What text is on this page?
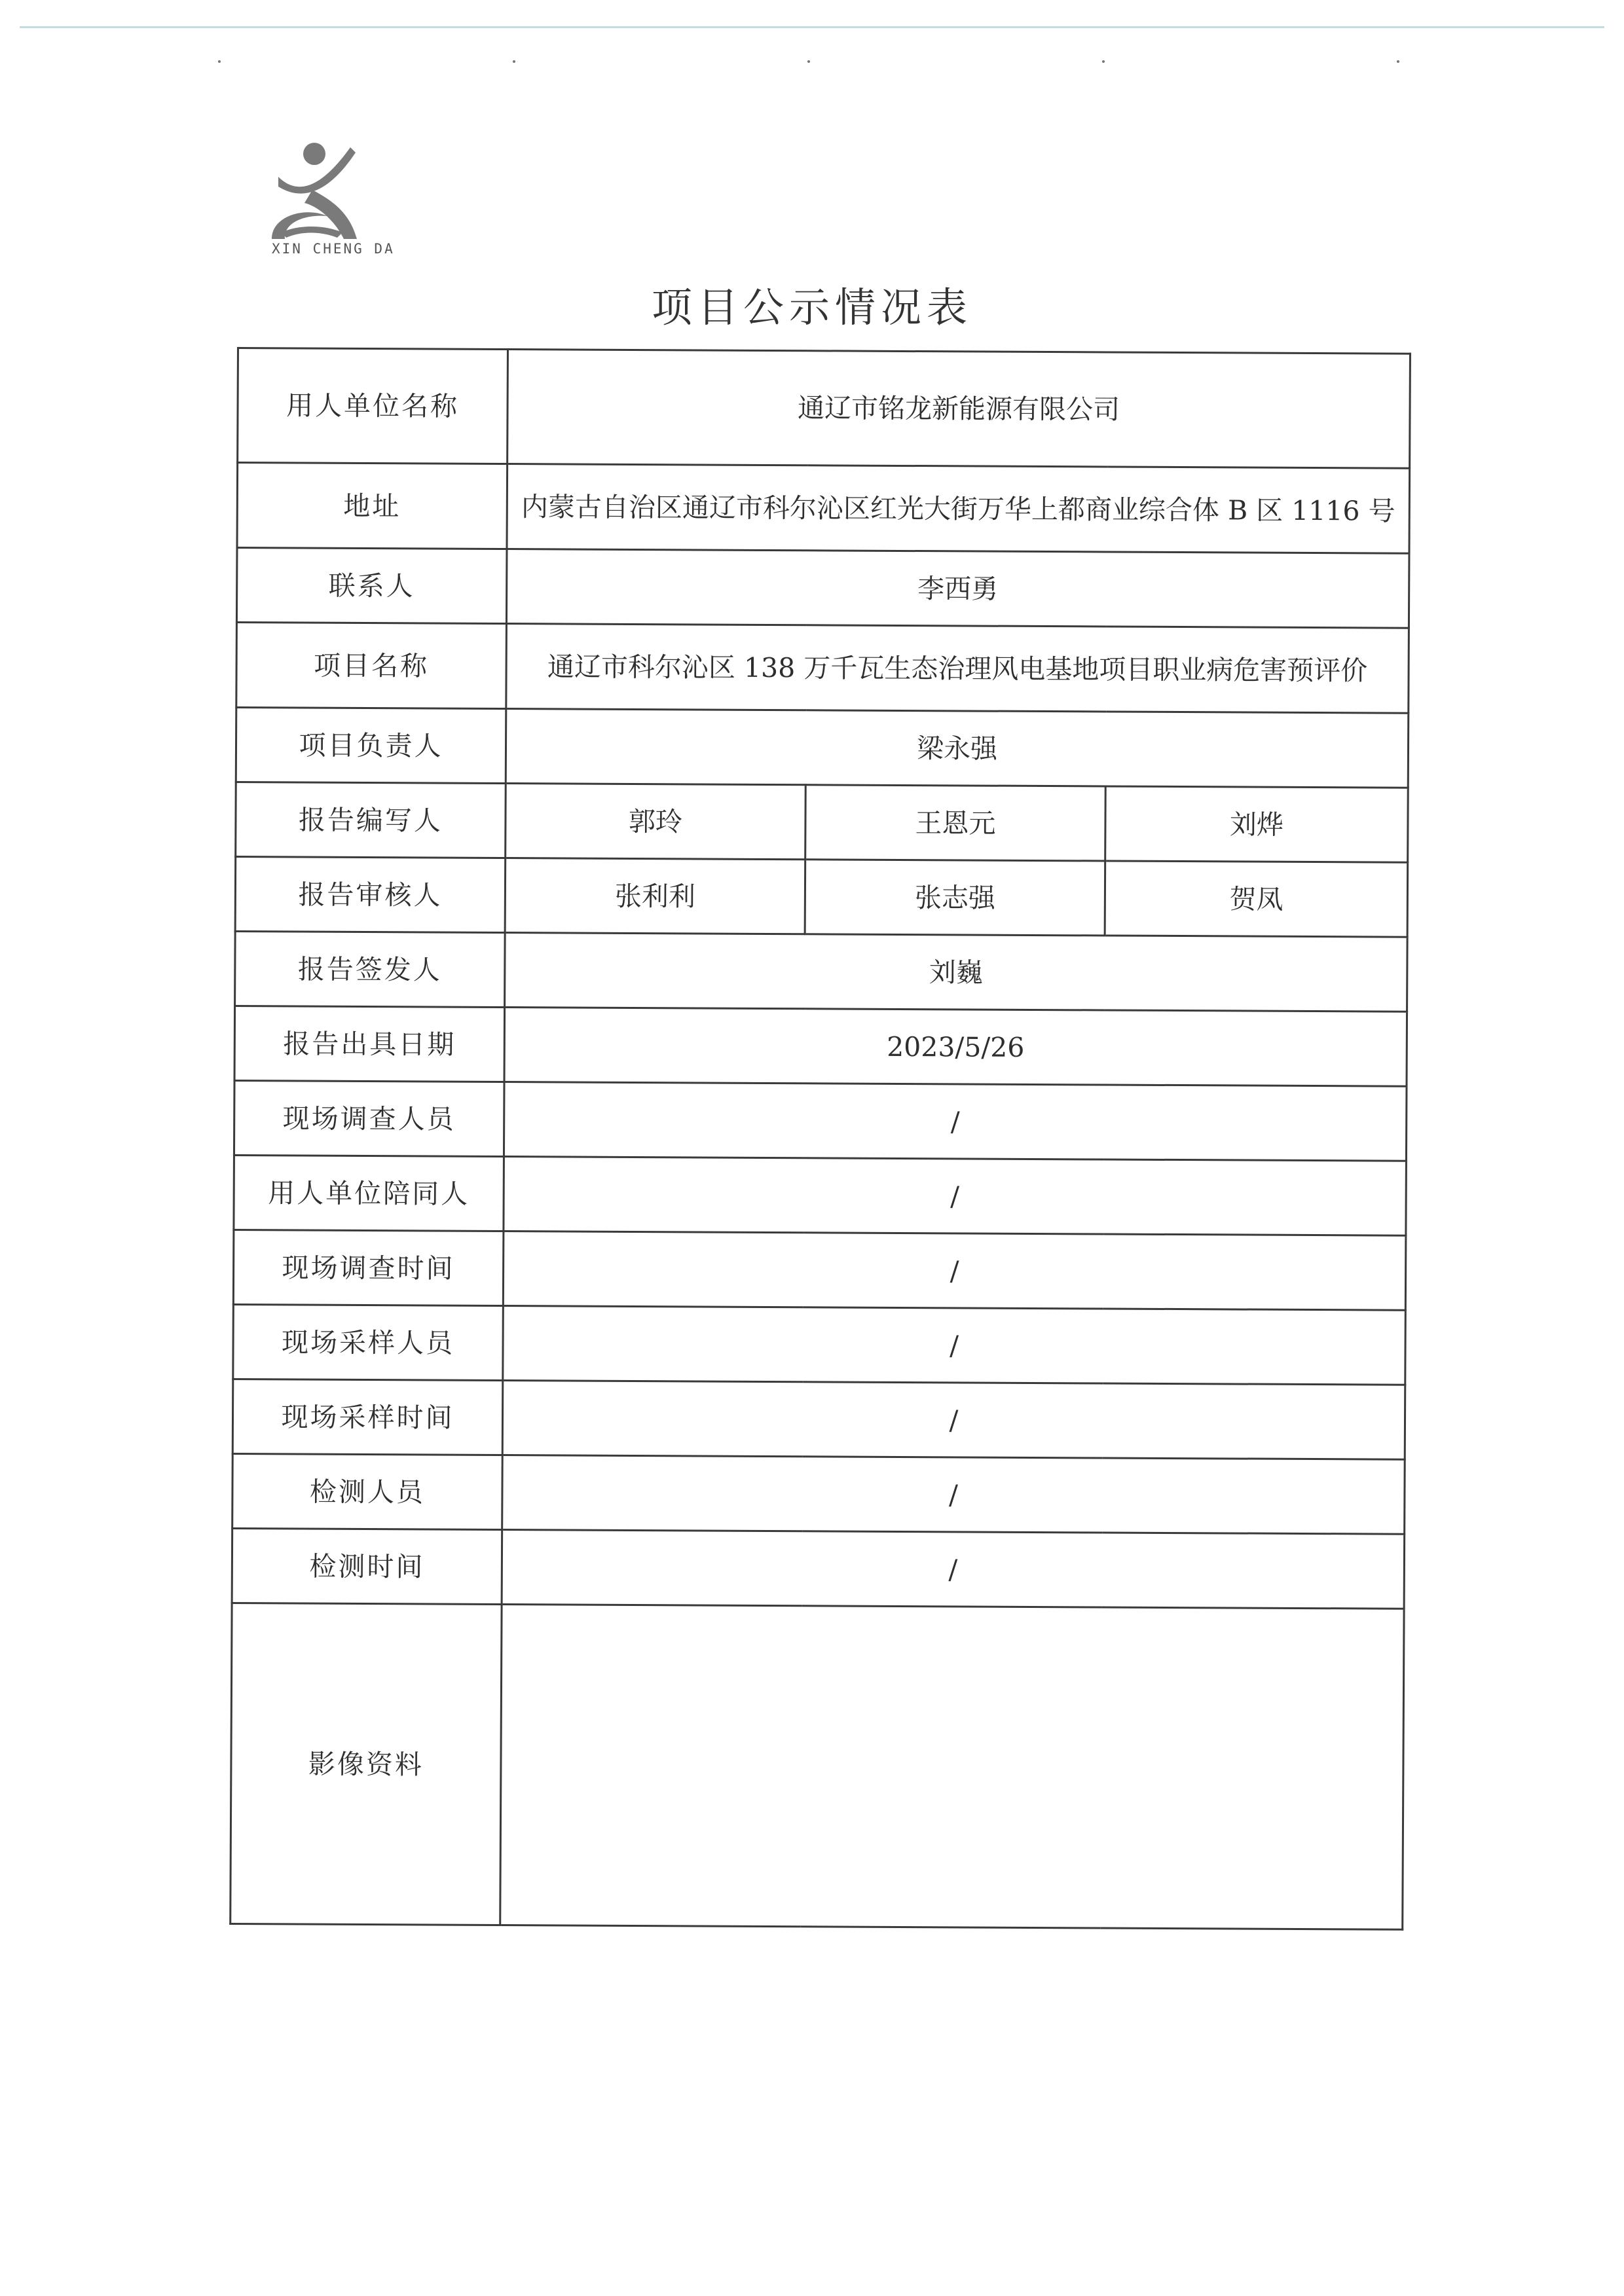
XIN CHENG DA
项目公示情况表
用人单位名称	通辽市铭龙新能源有限公司		
地址	内蒙古自治区通辽市科尔沁区红光大街万华上都商业综合体 B 区 1116 号		
联系人	李西勇		
项目名称	通辽市科尔沁区 138 万千瓦生态治理风电基地项目职业病危害预评价		
项目负责人	梁永强		
报告编写人	郭玲	王恩元	刘烨
报告审核人	张利利	张志强	贺凤
报告签发人	刘巍		
报告出具日期	2023/5/26		
现场调查人员	/		
用人单位陪同人	/		
现场调查时间	/		
现场采样人员	/		
现场采样时间	/		
检测人员	/		
检测时间	/		
影像资料			
